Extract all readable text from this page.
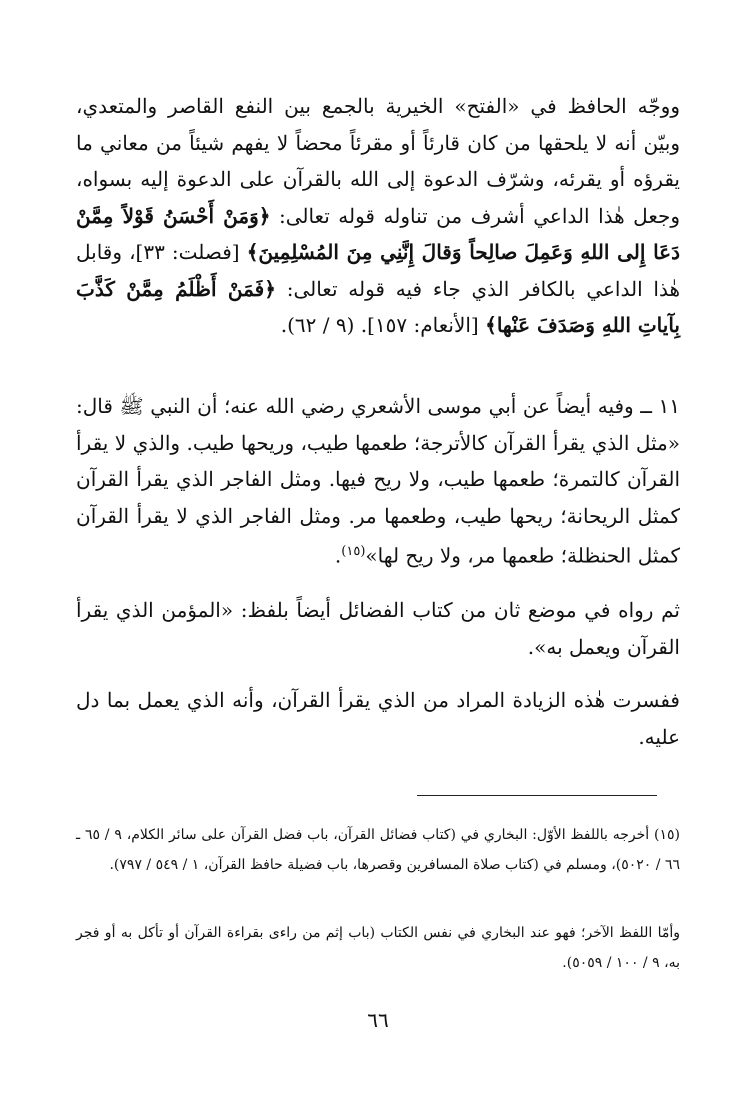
ووجّه الحافظ في «الفتح» الخيرية بالجمع بين النفع القاصر والمتعدي، وبيّن أنه لا يلحقها من كان قارئاً أو مقرئاً محضاً لا يفهم شيئاً من معاني ما يقرؤه أو يقرئه، وشرّف الدعوة إلى الله بالقرآن على الدعوة إليه بسواه، وجعل هٰذا الداعي أشرف من تناوله قوله تعالى: ﴿وَمَنْ أَحْسَنُ قَوْلاً مِمَّنْ دَعَا إِلى اللهِ وَعَمِلَ صالِحاً وَقالَ إِنَّنِي مِنَ المُسْلِمِينَ﴾ [فصلت: ٣٣]، وقابل هٰذا الداعي بالكافر الذي جاء فيه قوله تعالى: ﴿فَمَنْ أَظْلَمُ مِمَّنْ كَذَّبَ بِآياتِ اللهِ وَصَدَفَ عَنْها﴾ [الأنعام: ١٥٧]. (٩ / ٦٢).

١١ ــ وفيه أيضاً عن أبي موسى الأشعري رضي الله عنه؛ أن النبي ﷺ قال: «مثل الذي يقرأ القرآن كالأترجة؛ طعمها طيب، وريحها طيب. والذي لا يقرأ القرآن كالتمرة؛ طعمها طيب، ولا ريح فيها. ومثل الفاجر الذي يقرأ القرآن كمثل الريحانة؛ ريحها طيب، وطعمها مر. ومثل الفاجر الذي لا يقرأ القرآن كمثل الحنظلة؛ طعمها مر، ولا ريح لها»$^{(١٥)}$.

ثم رواه في موضع ثان من كتاب الفضائل أيضاً بلفظ: «المؤمن الذي يقرأ القرآن ويعمل به».

ففسرت هٰذه الزيادة المراد من الذي يقرأ القرآن، وأنه الذي يعمل بما دل عليه.

(١٥) أخرجه باللفظ الأوّل: البخاري في (كتاب فضائل القرآن، باب فضل القرآن على سائر الكلام، ٩ / ٦٥ ـ ٦٦ / ٥٠٢٠)، ومسلم في (كتاب صلاة المسافرين وقصرها، باب فضيلة حافظ القرآن، ١ / ٥٤٩ / ٧٩٧).

وأمّا اللفظ الآخر؛ فهو عند البخاري في نفس الكتاب (باب إثم من راءى بقراءة القرآن أو تأكل به أو فجر به، ٩ / ١٠٠ / ٥٠٥٩).

٦٦
